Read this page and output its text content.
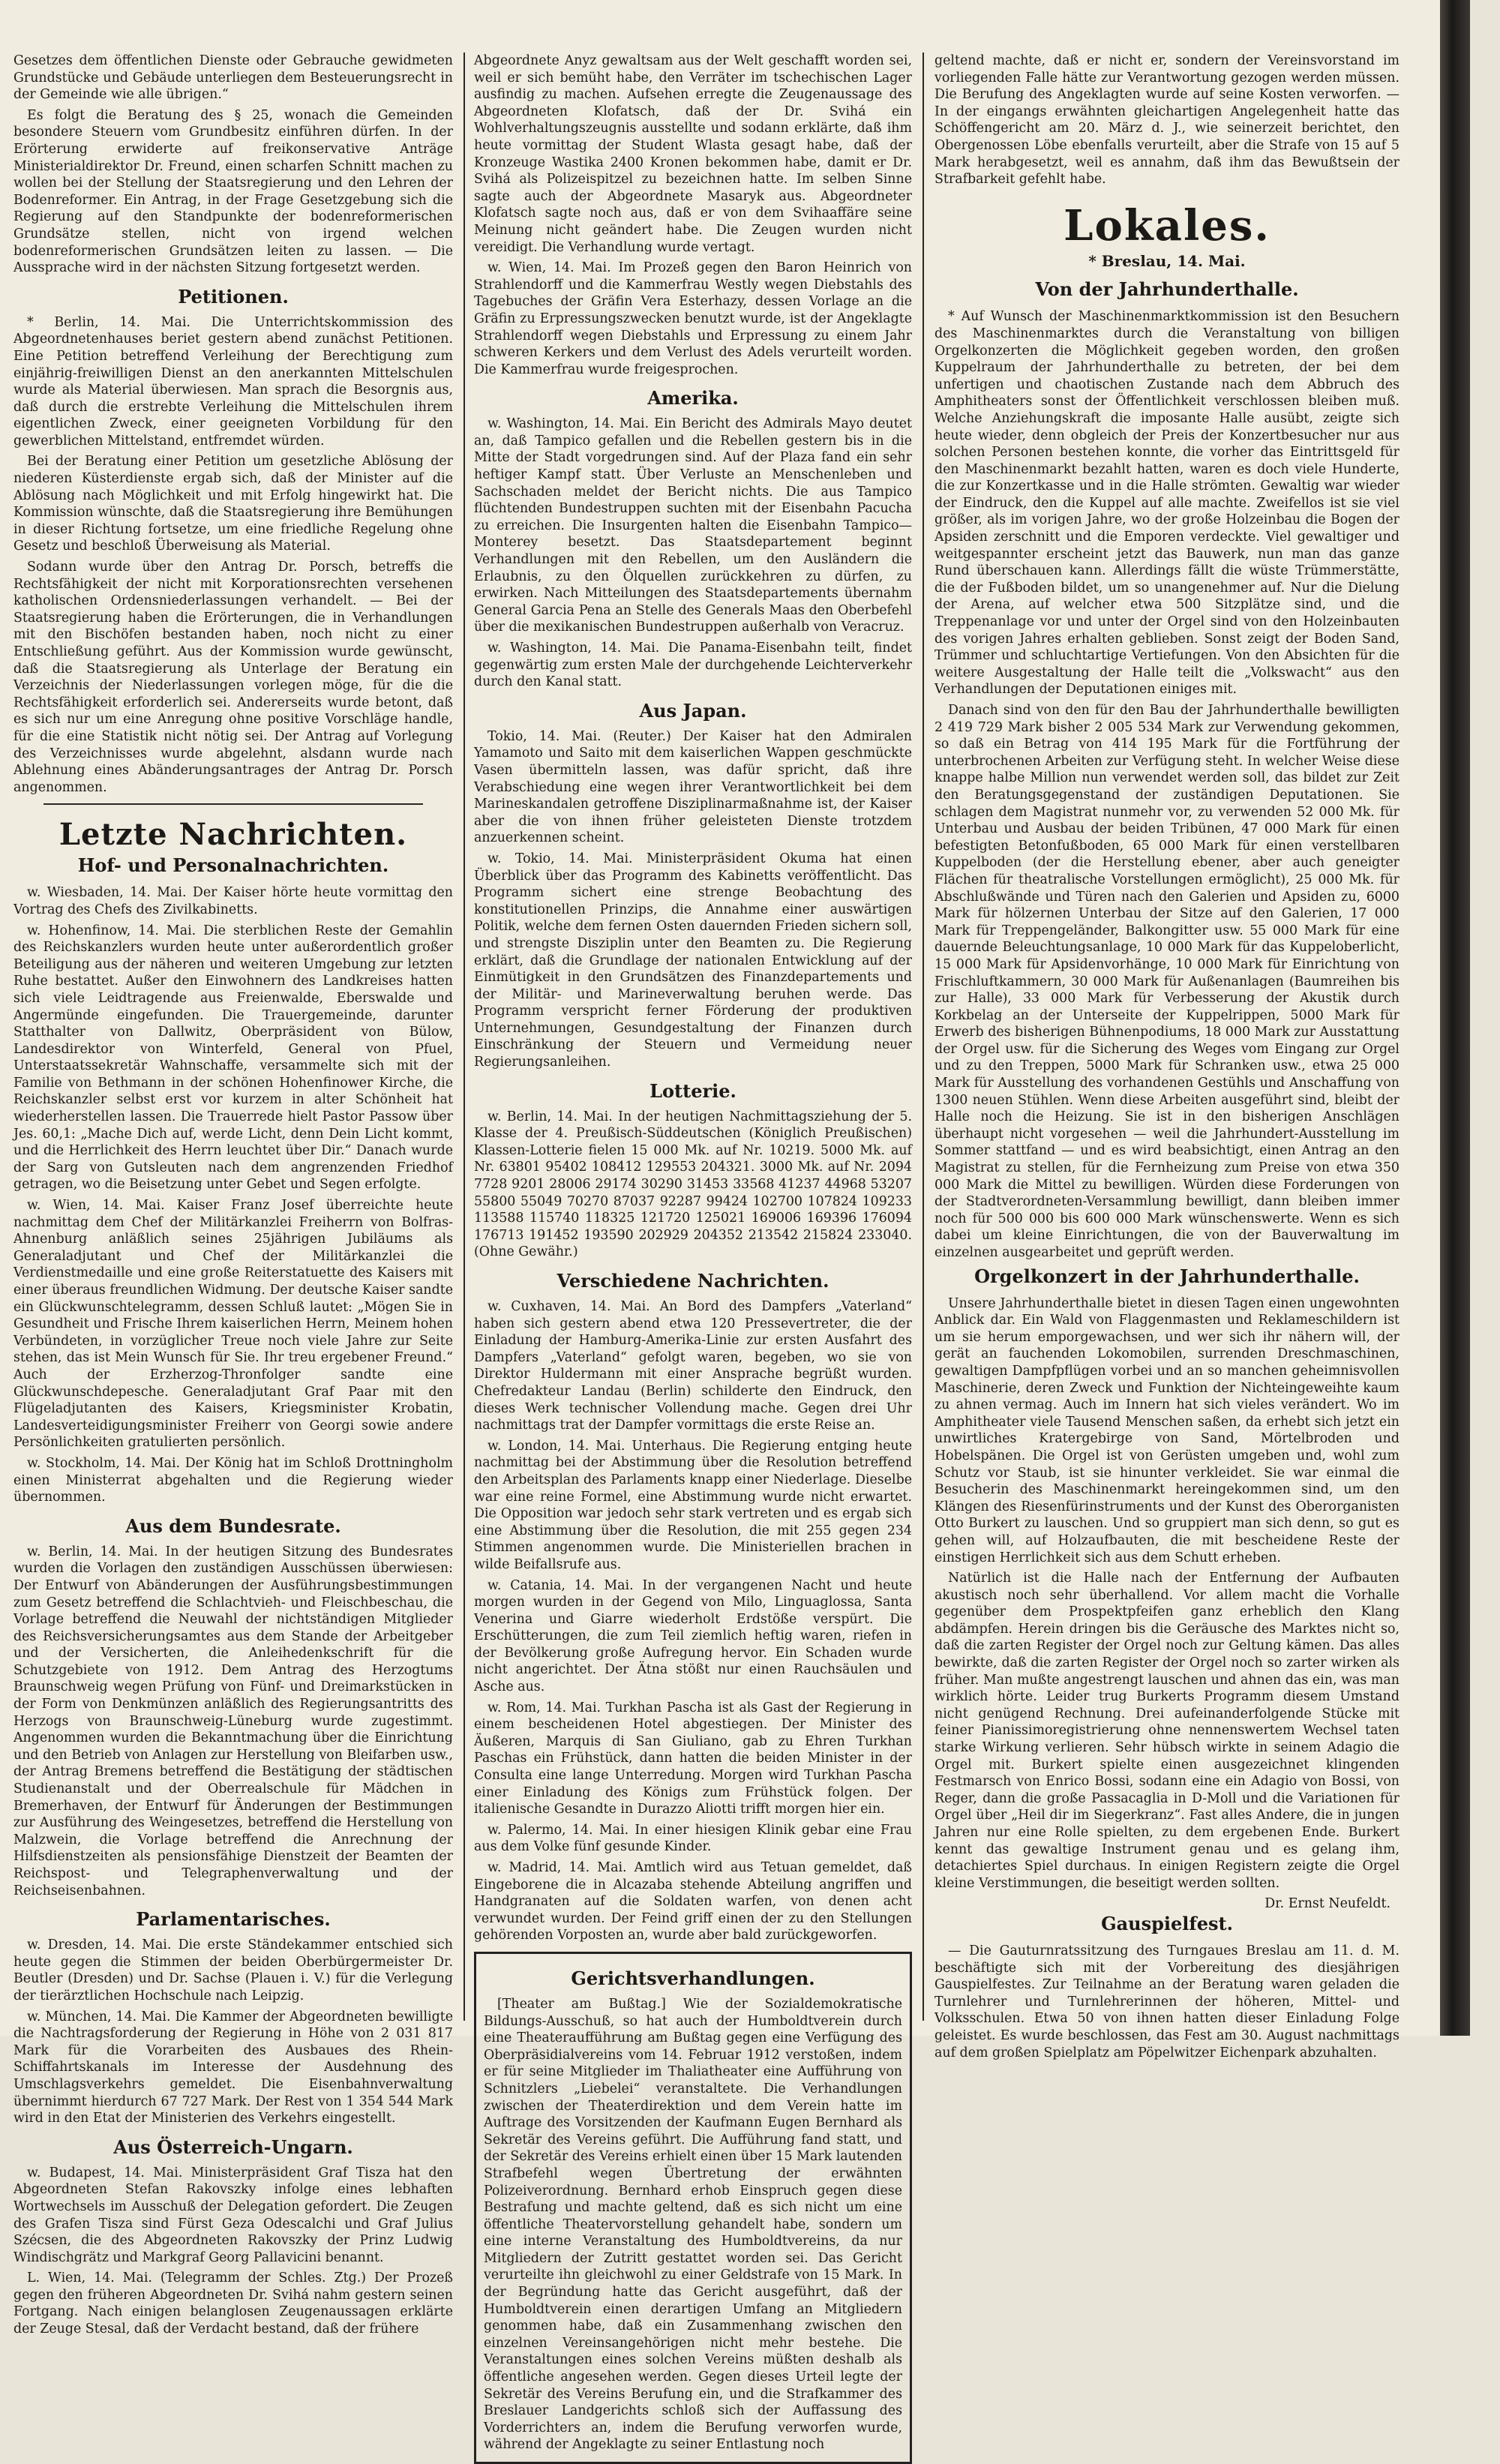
Gesetzes dem öffentlichen Dienste oder Gebrauche gewidmeten Grundstücke und Gebäude unterliegen dem Besteuerungsrecht in der Gemeinde wie alle übrigen.“

Es folgt die Beratung des § 25, wonach die Gemeinden besondere Steuern vom Grundbesitz einführen dürfen. In der Erörterung erwiderte auf freikonservative Anträge Ministerialdirektor Dr. Freund, einen scharfen Schnitt machen zu wollen bei der Stellung der Staatsregierung und den Lehren der Bodenreformer. Ein Antrag, in der Frage Gesetzgebung sich die Regierung auf den Standpunkte der bodenreformerischen Grundsätze stellen, nicht von irgend welchen bodenreformerischen Grundsätzen leiten zu lassen. — Die Aussprache wird in der nächsten Sitzung fortgesetzt werden.

Petitionen.

* Berlin, 14. Mai. Die Unterrichtskommission des Abgeordnetenhauses beriet gestern abend zunächst Petitionen. Eine Petition betreffend Verleihung der Berechtigung zum einjährig-freiwilligen Dienst an den anerkannten Mittelschulen wurde als Material überwiesen. Man sprach die Besorgnis aus, daß durch die erstrebte Verleihung die Mittelschulen ihrem eigentlichen Zweck, einer geeigneten Vorbildung für den gewerblichen Mittelstand, entfremdet würden.

Bei der Beratung einer Petition um gesetzliche Ablösung der niederen Küsterdienste ergab sich, daß der Minister auf die Ablösung nach Möglichkeit und mit Erfolg hingewirkt hat. Die Kommission wünschte, daß die Staatsregierung ihre Bemühungen in dieser Richtung fortsetze, um eine friedliche Regelung ohne Gesetz und beschloß Überweisung als Material.

Sodann wurde über den Antrag Dr. Porsch, betreffs die Rechtsfähigkeit der nicht mit Korporationsrechten versehenen katholischen Ordensniederlassungen verhandelt. — Bei der Staatsregierung haben die Erörterungen, die in Verhandlungen mit den Bischöfen bestanden haben, noch nicht zu einer Entschließung geführt. Aus der Kommission wurde gewünscht, daß die Staatsregierung als Unterlage der Beratung ein Verzeichnis der Niederlassungen vorlegen möge, für die die Rechtsfähigkeit erforderlich sei. Andererseits wurde betont, daß es sich nur um eine Anregung ohne positive Vorschläge handle, für die eine Statistik nicht nötig sei. Der Antrag auf Vorlegung des Verzeichnisses wurde abgelehnt, alsdann wurde nach Ablehnung eines Abänderungsantrages der Antrag Dr. Porsch angenommen.

Letzte Nachrichten.
Hof- und Personalnachrichten.

w. Wiesbaden, 14. Mai. Der Kaiser hörte heute vormittag den Vortrag des Chefs des Zivilkabinetts.

w. Hohenfinow, 14. Mai. Die sterblichen Reste der Gemahlin des Reichskanzlers wurden heute unter außerordentlich großer Beteiligung aus der näheren und weiteren Umgebung zur letzten Ruhe bestattet. Außer den Einwohnern des Landkreises hatten sich viele Leidtragende aus Freienwalde, Eberswalde und Angermünde eingefunden. Die Trauergemeinde, darunter Statthalter von Dallwitz, Oberpräsident von Bülow, Landesdirektor von Winterfeld, General von Pfuel, Unterstaatssekretär Wahnschaffe, versammelte sich mit der Familie von Bethmann in der schönen Hohenfinower Kirche, die Reichskanzler selbst erst vor kurzem in alter Schönheit hat wiederherstellen lassen. Die Trauerrede hielt Pastor Passow über Jes. 60,1: „Mache Dich auf, werde Licht, denn Dein Licht kommt, und die Herrlichkeit des Herrn leuchtet über Dir.“ Danach wurde der Sarg von Gutsleuten nach dem angrenzenden Friedhof getragen, wo die Beisetzung unter Gebet und Segen erfolgte.

w. Wien, 14. Mai. Kaiser Franz Josef überreichte heute nachmittag dem Chef der Militärkanzlei Freiherrn von Bolfras-Ahnenburg anläßlich seines 25jährigen Jubiläums als Generaladjutant und Chef der Militärkanzlei die Verdienstmedaille und eine große Reiterstatuette des Kaisers mit einer überaus freundlichen Widmung. Der deutsche Kaiser sandte ein Glückwunschtelegramm, dessen Schluß lautet: „Mögen Sie in Gesundheit und Frische Ihrem kaiserlichen Herrn, Meinem hohen Verbündeten, in vorzüglicher Treue noch viele Jahre zur Seite stehen, das ist Mein Wunsch für Sie. Ihr treu ergebener Freund.“ Auch der Erzherzog-Thronfolger sandte eine Glückwunschdepesche. Generaladjutant Graf Paar mit den Flügeladjutanten des Kaisers, Kriegsminister Krobatin, Landesverteidigungsminister Freiherr von Georgi sowie andere Persönlichkeiten gratulierten persönlich.

w. Stockholm, 14. Mai. Der König hat im Schloß Drottningholm einen Ministerrat abgehalten und die Regierung wieder übernommen.

Aus dem Bundesrate.

w. Berlin, 14. Mai. In der heutigen Sitzung des Bundesrates wurden die Vorlagen den zuständigen Ausschüssen überwiesen: Der Entwurf von Abänderungen der Ausführungsbestimmungen zum Gesetz betreffend die Schlachtvieh- und Fleischbeschau, die Vorlage betreffend die Neuwahl der nichtständigen Mitglieder des Reichsversicherungsamtes aus dem Stande der Arbeitgeber und der Versicherten, die Anleihedenkschrift für die Schutzgebiete von 1912. Dem Antrag des Herzogtums Braunschweig wegen Prüfung von Fünf- und Dreimarkstücken in der Form von Denkmünzen anläßlich des Regierungsantritts des Herzogs von Braunschweig-Lüneburg wurde zugestimmt. Angenommen wurden die Bekanntmachung über die Einrichtung und den Betrieb von Anlagen zur Herstellung von Bleifarben usw., der Antrag Bremens betreffend die Bestätigung der städtischen Studienanstalt und der Oberrealschule für Mädchen in Bremerhaven, der Entwurf für Änderungen der Bestimmungen zur Ausführung des Weingesetzes, betreffend die Herstellung von Malzwein, die Vorlage betreffend die Anrechnung der Hilfsdienstzeiten als pensionsfähige Dienstzeit der Beamten der Reichspost- und Telegraphenverwaltung und der Reichseisenbahnen.

Parlamentarisches.

w. Dresden, 14. Mai. Die erste Ständekammer entschied sich heute gegen die Stimmen der beiden Oberbürgermeister Dr. Beutler (Dresden) und Dr. Sachse (Plauen i. V.) für die Verlegung der tierärztlichen Hochschule nach Leipzig.

w. München, 14. Mai. Die Kammer der Abgeordneten bewilligte die Nachtragsforderung der Regierung in Höhe von 2 031 817 Mark für die Vorarbeiten des Ausbaues des Rhein-Schiffahrtskanals im Interesse der Ausdehnung des Umschlagsverkehrs gemeldet. Die Eisenbahnverwaltung übernimmt hierdurch 67 727 Mark. Der Rest von 1 354 544 Mark wird in den Etat der Ministerien des Verkehrs eingestellt.

Aus Österreich-Ungarn.

w. Budapest, 14. Mai. Ministerpräsident Graf Tisza hat den Abgeordneten Stefan Rakovszky infolge eines lebhaften Wortwechsels im Ausschuß der Delegation gefordert. Die Zeugen des Grafen Tisza sind Fürst Geza Odescalchi und Graf Julius Szécsen, die des Abgeordneten Rakovszky der Prinz Ludwig Windischgrätz und Markgraf Georg Pallavicini benannt.

L. Wien, 14. Mai. (Telegramm der Schles. Ztg.) Der Prozeß gegen den früheren Abgeordneten Dr. Svihá nahm gestern seinen Fortgang. Nach einigen belanglosen Zeugenaussagen erklärte der Zeuge Stesal, daß der Verdacht bestand, daß der frühere

Abgeordnete Anyz gewaltsam aus der Welt geschafft worden sei, weil er sich bemüht habe, den Verräter im tschechischen Lager ausfindig zu machen. Aufsehen erregte die Zeugenaussage des Abgeordneten Klofatsch, daß der Dr. Svihá ein Wohlverhaltungszeugnis ausstellte und sodann erklärte, daß ihm heute vormittag der Student Wlasta gesagt habe, daß der Kronzeuge Wastika 2400 Kronen bekommen habe, damit er Dr. Svihá als Polizeispitzel zu bezeichnen hatte. Im selben Sinne sagte auch der Abgeordnete Masaryk aus. Abgeordneter Klofatsch sagte noch aus, daß er von dem Svihaaffäre seine Meinung nicht geändert habe. Die Zeugen wurden nicht vereidigt. Die Verhandlung wurde vertagt.

w. Wien, 14. Mai. Im Prozeß gegen den Baron Heinrich von Strahlendorff und die Kammerfrau Westly wegen Diebstahls des Tagebuches der Gräfin Vera Esterhazy, dessen Vorlage an die Gräfin zu Erpressungszwecken benutzt wurde, ist der Angeklagte Strahlendorff wegen Diebstahls und Erpressung zu einem Jahr schweren Kerkers und dem Verlust des Adels verurteilt worden. Die Kammerfrau wurde freigesprochen.

Amerika.

w. Washington, 14. Mai. Ein Bericht des Admirals Mayo deutet an, daß Tampico gefallen und die Rebellen gestern bis in die Mitte der Stadt vorgedrungen sind. Auf der Plaza fand ein sehr heftiger Kampf statt. Über Verluste an Menschenleben und Sachschaden meldet der Bericht nichts. Die aus Tampico flüchtenden Bundestruppen suchten mit der Eisenbahn Pacucha zu erreichen. Die Insurgenten halten die Eisenbahn Tampico—Monterey besetzt. Das Staatsdepartement beginnt Verhandlungen mit den Rebellen, um den Ausländern die Erlaubnis, zu den Ölquellen zurückkehren zu dürfen, zu erwirken. Nach Mitteilungen des Staatsdepartements übernahm General Garcia Pena an Stelle des Generals Maas den Oberbefehl über die mexikanischen Bundestruppen außerhalb von Veracruz.

w. Washington, 14. Mai. Die Panama-Eisenbahn teilt, findet gegenwärtig zum ersten Male der durchgehende Leichterverkehr durch den Kanal statt.

Aus Japan.

Tokio, 14. Mai. (Reuter.) Der Kaiser hat den Admiralen Yamamoto und Saito mit dem kaiserlichen Wappen geschmückte Vasen übermitteln lassen, was dafür spricht, daß ihre Verabschiedung eine wegen ihrer Verantwortlichkeit bei dem Marineskandalen getroffene Disziplinarmaßnahme ist, der Kaiser aber die von ihnen früher geleisteten Dienste trotzdem anzuerkennen scheint.

w. Tokio, 14. Mai. Ministerpräsident Okuma hat einen Überblick über das Programm des Kabinetts veröffentlicht. Das Programm sichert eine strenge Beobachtung des konstitutionellen Prinzips, die Annahme einer auswärtigen Politik, welche dem fernen Osten dauernden Frieden sichern soll, und strengste Disziplin unter den Beamten zu. Die Regierung erklärt, daß die Grundlage der nationalen Entwicklung auf der Einmütigkeit in den Grundsätzen des Finanzdepartements und der Militär- und Marineverwaltung beruhen werde. Das Programm verspricht ferner Förderung der produktiven Unternehmungen, Gesundgestaltung der Finanzen durch Einschränkung der Steuern und Vermeidung neuer Regierungsanleihen.

Lotterie.

w. Berlin, 14. Mai. In der heutigen Nachmittagsziehung der 5. Klasse der 4. Preußisch-Süddeutschen (Königlich Preußischen) Klassen-Lotterie fielen 15 000 Mk. auf Nr. 10219. 5000 Mk. auf Nr. 63801 95402 108412 129553 204321. 3000 Mk. auf Nr. 2094 7728 9201 28006 29174 30290 31453 33568 41237 44968 53207 55800 55049 70270 87037 92287 99424 102700 107824 109233 113588 115740 118325 121720 125021 169006 169396 176094 176713 191452 193590 202929 204352 213542 215824 233040. (Ohne Gewähr.)

Verschiedene Nachrichten.

w. Cuxhaven, 14. Mai. An Bord des Dampfers „Vaterland“ haben sich gestern abend etwa 120 Pressevertreter, die der Einladung der Hamburg-Amerika-Linie zur ersten Ausfahrt des Dampfers „Vaterland“ gefolgt waren, begeben, wo sie von Direktor Huldermann mit einer Ansprache begrüßt wurden. Chefredakteur Landau (Berlin) schilderte den Eindruck, den dieses Werk technischer Vollendung mache. Gegen drei Uhr nachmittags trat der Dampfer vormittags die erste Reise an.

w. London, 14. Mai. Unterhaus. Die Regierung entging heute nachmittag bei der Abstimmung über die Resolution betreffend den Arbeitsplan des Parlaments knapp einer Niederlage. Dieselbe war eine reine Formel, eine Abstimmung wurde nicht erwartet. Die Opposition war jedoch sehr stark vertreten und es ergab sich eine Abstimmung über die Resolution, die mit 255 gegen 234 Stimmen angenommen wurde. Die Ministeriellen brachen in wilde Beifallsrufe aus.

w. Catania, 14. Mai. In der vergangenen Nacht und heute morgen wurden in der Gegend von Milo, Linguaglossa, Santa Venerina und Giarre wiederholt Erdstöße verspürt. Die Erschütterungen, die zum Teil ziemlich heftig waren, riefen in der Bevölkerung große Aufregung hervor. Ein Schaden wurde nicht angerichtet. Der Ätna stößt nur einen Rauchsäulen und Asche aus.

w. Rom, 14. Mai. Turkhan Pascha ist als Gast der Regierung in einem bescheidenen Hotel abgestiegen. Der Minister des Äußeren, Marquis di San Giuliano, gab zu Ehren Turkhan Paschas ein Frühstück, dann hatten die beiden Minister in der Consulta eine lange Unterredung. Morgen wird Turkhan Pascha einer Einladung des Königs zum Frühstück folgen. Der italienische Gesandte in Durazzo Aliotti trifft morgen hier ein.

w. Palermo, 14. Mai. In einer hiesigen Klinik gebar eine Frau aus dem Volke fünf gesunde Kinder.

w. Madrid, 14. Mai. Amtlich wird aus Tetuan gemeldet, daß Eingeborene die in Alcazaba stehende Abteilung angriffen und Handgranaten auf die Soldaten warfen, von denen acht verwundet wurden. Der Feind griff einen der zu den Stellungen gehörenden Vorposten an, wurde aber bald zurückgeworfen.

Gerichtsverhandlungen.

[Theater am Bußtag.] Wie der Sozialdemokratische Bildungs-Ausschuß, so hat auch der Humboldtverein durch eine Theateraufführung am Bußtag gegen eine Verfügung des Oberpräsidialvereins vom 14. Februar 1912 verstoßen, indem er für seine Mitglieder im Thaliatheater eine Aufführung von Schnitzlers „Liebelei“ veranstaltete. Die Verhandlungen zwischen der Theaterdirektion und dem Verein hatte im Auftrage des Vorsitzenden der Kaufmann Eugen Bernhard als Sekretär des Vereins geführt. Die Aufführung fand statt, und der Sekretär des Vereins erhielt einen über 15 Mark lautenden Strafbefehl wegen Übertretung der erwähnten Polizeiverordnung. Bernhard erhob Einspruch gegen diese Bestrafung und machte geltend, daß es sich nicht um eine öffentliche Theatervorstellung gehandelt habe, sondern um eine interne Veranstaltung des Humboldtvereins, da nur Mitgliedern der Zutritt gestattet worden sei. Das Gericht verurteilte ihn gleichwohl zu einer Geldstrafe von 15 Mark. In der Begründung hatte das Gericht ausgeführt, daß der Humboldtverein einen derartigen Umfang an Mitgliedern genommen habe, daß ein Zusammenhang zwischen den einzelnen Vereinsangehörigen nicht mehr bestehe. Die Veranstaltungen eines solchen Vereins müßten deshalb als öffentliche angesehen werden. Gegen dieses Urteil legte der Sekretär des Vereins Berufung ein, und die Strafkammer des Breslauer Landgerichts schloß sich der Auffassung des Vorderrichters an, indem die Berufung verworfen wurde, während der Angeklagte zu seiner Entlastung noch

geltend machte, daß er nicht er, sondern der Vereinsvorstand im vorliegenden Falle hätte zur Verantwortung gezogen werden müssen. Die Berufung des Angeklagten wurde auf seine Kosten verworfen. — In der eingangs erwähnten gleichartigen Angelegenheit hatte das Schöffengericht am 20. März d. J., wie seinerzeit berichtet, den Obergenossen Löbe ebenfalls verurteilt, aber die Strafe von 15 auf 5 Mark herabgesetzt, weil es annahm, daß ihm das Bewußtsein der Strafbarkeit gefehlt habe.

Lokales.
* Breslau, 14. Mai.
Von der Jahrhunderthalle.

* Auf Wunsch der Maschinenmarktkommission ist den Besuchern des Maschinenmarktes durch die Veranstaltung von billigen Orgelkonzerten die Möglichkeit gegeben worden, den großen Kuppelraum der Jahrhunderthalle zu betreten, der bei dem unfertigen und chaotischen Zustande nach dem Abbruch des Amphitheaters sonst der Öffentlichkeit verschlossen bleiben muß. Welche Anziehungskraft die imposante Halle ausübt, zeigte sich heute wieder, denn obgleich der Preis der Konzertbesucher nur aus solchen Personen bestehen konnte, die vorher das Eintrittsgeld für den Maschinenmarkt bezahlt hatten, waren es doch viele Hunderte, die zur Konzertkasse und in die Halle strömten. Gewaltig war wieder der Eindruck, den die Kuppel auf alle machte. Zweifellos ist sie viel größer, als im vorigen Jahre, wo der große Holzeinbau die Bogen der Apsiden zerschnitt und die Emporen verdeckte. Viel gewaltiger und weitgespannter erscheint jetzt das Bauwerk, nun man das ganze Rund überschauen kann. Allerdings fällt die wüste Trümmerstätte, die der Fußboden bildet, um so unangenehmer auf. Nur die Dielung der Arena, auf welcher etwa 500 Sitzplätze sind, und die Treppenanlage vor und unter der Orgel sind von den Holzeinbauten des vorigen Jahres erhalten geblieben. Sonst zeigt der Boden Sand, Trümmer und schluchtartige Vertiefungen. Von den Absichten für die weitere Ausgestaltung der Halle teilt die „Volkswacht“ aus den Verhandlungen der Deputationen einiges mit.

Danach sind von den für den Bau der Jahrhunderthalle bewilligten 2 419 729 Mark bisher 2 005 534 Mark zur Verwendung gekommen, so daß ein Betrag von 414 195 Mark für die Fortführung der unterbrochenen Arbeiten zur Verfügung steht. In welcher Weise diese knappe halbe Million nun verwendet werden soll, das bildet zur Zeit den Beratungsgegenstand der zuständigen Deputationen. Sie schlagen dem Magistrat nunmehr vor, zu verwenden 52 000 Mk. für Unterbau und Ausbau der beiden Tribünen, 47 000 Mark für einen befestigten Betonfußboden, 65 000 Mark für einen verstellbaren Kuppelboden (der die Herstellung ebener, aber auch geneigter Flächen für theatralische Vorstellungen ermöglicht), 25 000 Mk. für Abschlußwände und Türen nach den Galerien und Apsiden zu, 6000 Mark für hölzernen Unterbau der Sitze auf den Galerien, 17 000 Mark für Treppengeländer, Balkongitter usw. 55 000 Mark für eine dauernde Beleuchtungsanlage, 10 000 Mark für das Kuppeloberlicht, 15 000 Mark für Apsidenvorhänge, 10 000 Mark für Einrichtung von Frischluftkammern, 30 000 Mark für Außenanlagen (Baumreihen bis zur Halle), 33 000 Mark für Verbesserung der Akustik durch Korkbelag an der Unterseite der Kuppelrippen, 5000 Mark für Erwerb des bisherigen Bühnenpodiums, 18 000 Mark zur Ausstattung der Orgel usw. für die Sicherung des Weges vom Eingang zur Orgel und zu den Treppen, 5000 Mark für Schranken usw., etwa 25 000 Mark für Ausstellung des vorhandenen Gestühls und Anschaffung von 1300 neuen Stühlen. Wenn diese Arbeiten ausgeführt sind, bleibt der Halle noch die Heizung. Sie ist in den bisherigen Anschlägen überhaupt nicht vorgesehen — weil die Jahrhundert-Ausstellung im Sommer stattfand — und es wird beabsichtigt, einen Antrag an den Magistrat zu stellen, für die Fernheizung zum Preise von etwa 350 000 Mark die Mittel zu bewilligen. Würden diese Forderungen von der Stadtverordneten-Versammlung bewilligt, dann bleiben immer noch für 500 000 bis 600 000 Mark wünschenswerte. Wenn es sich dabei um kleine Einrichtungen, die von der Bauverwaltung im einzelnen ausgearbeitet und geprüft werden.

Orgelkonzert in der Jahrhunderthalle.

Unsere Jahrhunderthalle bietet in diesen Tagen einen ungewohnten Anblick dar. Ein Wald von Flaggenmasten und Reklameschildern ist um sie herum emporgewachsen, und wer sich ihr nähern will, der gerät an fauchenden Lokomobilen, surrenden Dreschmaschinen, gewaltigen Dampfpflügen vorbei und an so manchen geheimnisvollen Maschinerie, deren Zweck und Funktion der Nichteingeweihte kaum zu ahnen vermag. Auch im Innern hat sich vieles verändert. Wo im Amphitheater viele Tausend Menschen saßen, da erhebt sich jetzt ein unwirtliches Kratergebirge von Sand, Mörtelbroden und Hobelspänen. Die Orgel ist von Gerüsten umgeben und, wohl zum Schutz vor Staub, ist sie hinunter verkleidet. Sie war einmal die Besucherin des Maschinenmarkt hereingekommen sind, um den Klängen des Riesenfürinstruments und der Kunst des Oberorganisten Otto Burkert zu lauschen. Und so gruppiert man sich denn, so gut es gehen will, auf Holzaufbauten, die mit bescheidene Reste der einstigen Herrlichkeit sich aus dem Schutt erheben.

Natürlich ist die Halle nach der Entfernung der Aufbauten akustisch noch sehr überhallend. Vor allem macht die Vorhalle gegenüber dem Prospektpfeifen ganz erheblich den Klang abdämpfen. Herein dringen bis die Geräusche des Marktes nicht so, daß die zarten Register der Orgel noch zur Geltung kämen. Das alles bewirkte, daß die zarten Register der Orgel noch so zarter wirken als früher. Man mußte angestrengt lauschen und ahnen das ein, was man wirklich hörte. Leider trug Burkerts Programm diesem Umstand nicht genügend Rechnung. Drei aufeinanderfolgende Stücke mit feiner Pianissimoregistrierung ohne nennenswertem Wechsel taten starke Wirkung verlieren. Sehr hübsch wirkte in seinem Adagio die Orgel mit. Burkert spielte einen ausgezeichnet klingenden Festmarsch von Enrico Bossi, sodann eine ein Adagio von Bossi, von Reger, dann die große Passacaglia in D-Moll und die Variationen für Orgel über „Heil dir im Siegerkranz“. Fast alles Andere, die in jungen Jahren nur eine Rolle spielten, zu dem ergebenen Ende. Burkert kennt das gewaltige Instrument genau und es gelang ihm, detachiertes Spiel durchaus. In einigen Registern zeigte die Orgel kleine Verstimmungen, die beseitigt werden sollten.

Dr. Ernst Neufeldt.
Gauspielfest.

— Die Gauturnratssitzung des Turngaues Breslau am 11. d. M. beschäftigte sich mit der Vorbereitung des diesjährigen Gauspielfestes. Zur Teilnahme an der Beratung waren geladen die Turnlehrer und Turnlehrerinnen der höheren, Mittel- und Volksschulen. Etwa 50 von ihnen hatten dieser Einladung Folge geleistet. Es wurde beschlossen, das Fest am 30. August nachmittags auf dem großen Spielplatz am Pöpelwitzer Eichenpark abzuhalten.
